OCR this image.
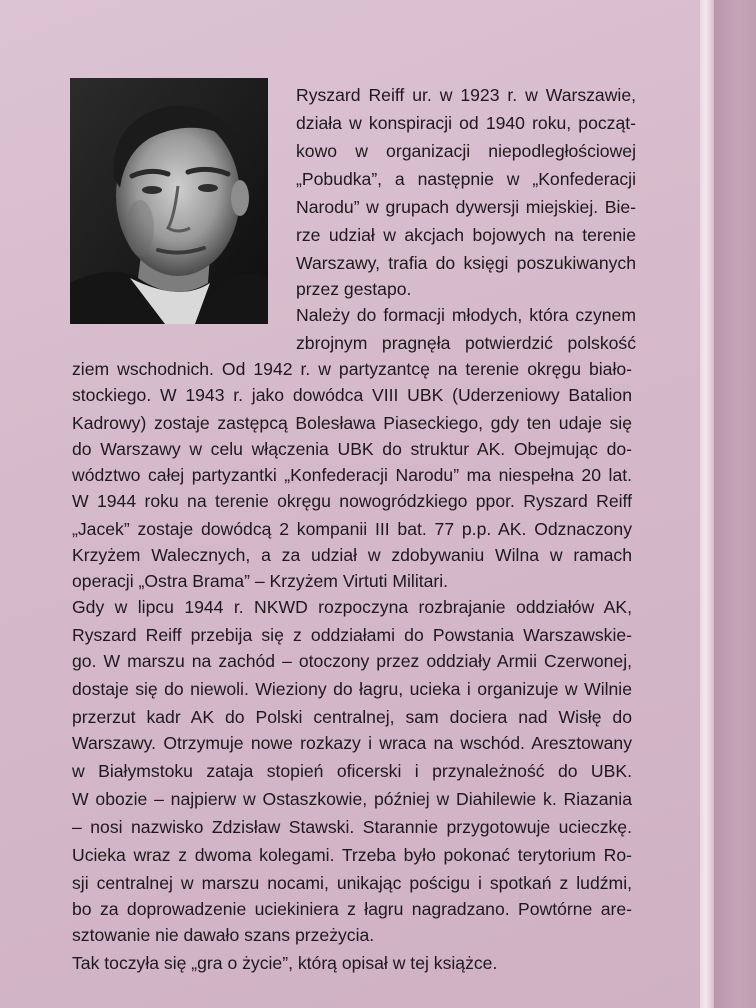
Ryszard Reiff ur. w 1923 r. w Warszawie,
działa w konspiracji od 1940 roku, począt-
kowo w organizacji niepodległościowej
„Pobudka”, a następnie w „Konfederacji
Narodu” w grupach dywersji miejskiej. Bie-
rze udział w akcjach bojowych na terenie
Warszawy, trafia do księgi poszukiwanych
przez gestapo.
Należy do formacji młodych, która czynem
zbrojnym pragnęła potwierdzić polskość
ziem wschodnich. Od 1942 r. w partyzantcę na terenie okręgu biało-
stockiego. W 1943 r. jako dowódca VIII UBK (Uderzeniowy Batalion
Kadrowy) zostaje zastępcą Bolesława Piaseckiego, gdy ten udaje się
do Warszawy w celu włączenia UBK do struktur AK. Obejmując do-
wództwo całej partyzantki „Konfederacji Narodu” ma niespełna 20 lat.
W 1944 roku na terenie okręgu nowogródzkiego ppor. Ryszard Reiff
„Jacek” zostaje dowódcą 2 kompanii III bat. 77 p.p. AK. Odznaczony
Krzyżem Walecznych, a za udział w zdobywaniu Wilna w ramach
operacji „Ostra Brama” – Krzyżem Virtuti Militari.
Gdy w lipcu 1944 r. NKWD rozpoczyna rozbrajanie oddziałów AK,
Ryszard Reiff przebija się z oddziałami do Powstania Warszawskie-
go. W marszu na zachód – otoczony przez oddziały Armii Czerwonej,
dostaje się do niewoli. Wieziony do łagru, ucieka i organizuje w Wilnie
przerzut kadr AK do Polski centralnej, sam dociera nad Wisłę do
Warszawy. Otrzymuje nowe rozkazy i wraca na wschód. Aresztowany
w Białymstoku zataja stopień oficerski i przynależność do UBK.
W obozie – najpierw w Ostaszkowie, później w Diahilewie k. Riazania
– nosi nazwisko Zdzisław Stawski. Starannie przygotowuje ucieczkę.
Ucieka wraz z dwoma kolegami. Trzeba było pokonać terytorium Ro-
sji centralnej w marszu nocami, unikając pościgu i spotkań z ludźmi,
bo za doprowadzenie uciekiniera z łagru nagradzano. Powtórne are-
sztowanie nie dawało szans przeżycia.
Tak toczyła się „gra o życie”, którą opisał w tej książce.
